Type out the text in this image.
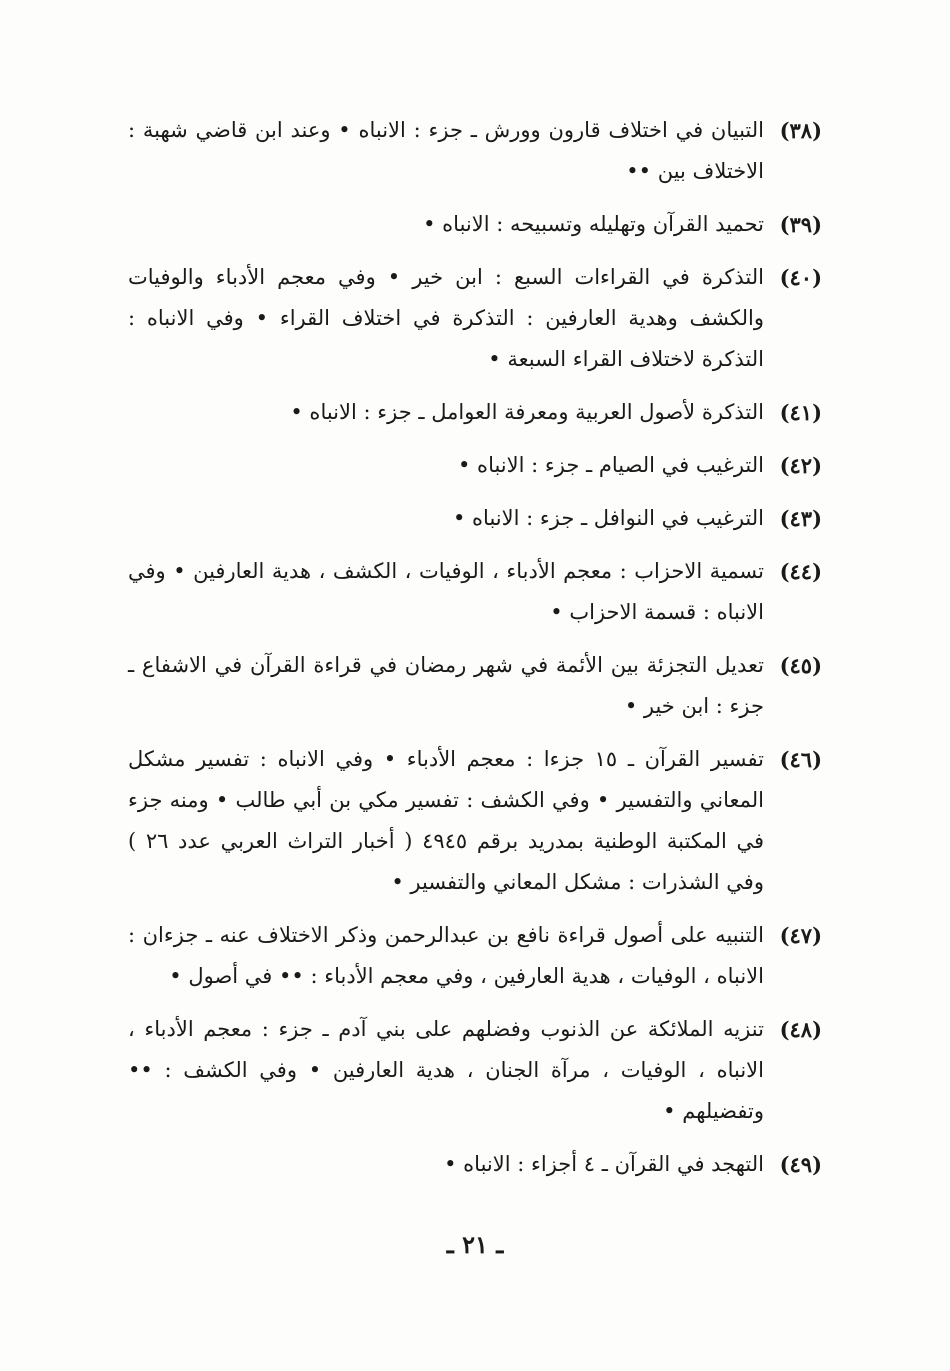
(٣٨)
التبيان في اختلاف قارون وورش ـ جزء : الانباه • وعند ابن قاضي شهبة : الاختلاف بين ••
(٣٩)
تحميد القرآن وتهليله وتسبيحه : الانباه •
(٤٠)
التذكرة في القراءات السبع : ابن خير • وفي معجم الأدباء والوفيات والكشف وهدية العارفين : التذكرة في اختلاف القراء • وفي الانباه : التذكرة لاختلاف القراء السبعة •
(٤١)
التذكرة لأصول العربية ومعرفة العوامل ـ جزء : الانباه •
(٤٢)
الترغيب في الصيام ـ جزء : الانباه •
(٤٣)
الترغيب في النوافل ـ جزء : الانباه •
(٤٤)
تسمية الاحزاب : معجم الأدباء ، الوفيات ، الكشف ، هدية العارفين • وفي الانباه : قسمة الاحزاب •
(٤٥)
تعديل التجزئة بين الأئمة في شهر رمضان في قراءة القرآن في الاشفاع ـ جزء : ابن خير •
(٤٦)
تفسير القرآن ـ ١٥ جزءا : معجم الأدباء • وفي الانباه : تفسير مشكل المعاني والتفسير • وفي الكشف : تفسير مكي بن أبي طالب • ومنه جزء في المكتبة الوطنية بمدريد برقم ٤٩٤٥ ( أخبار التراث العربي عدد ٢٦ ) وفي الشذرات : مشكل المعاني والتفسير •
(٤٧)
التنبيه على أصول قراءة نافع بن عبدالرحمن وذكر الاختلاف عنه ـ جزءان : الانباه ، الوفيات ، هدية العارفين ، وفي معجم الأدباء : •• في أصول •
(٤٨)
تنزيه الملائكة عن الذنوب وفضلهم على بني آدم ـ جزء : معجم الأدباء ، الانباه ، الوفيات ، مرآة الجنان ، هدية العارفين • وفي الكشف : •• وتفضيلهم •
(٤٩)
التهجد في القرآن ـ ٤ أجزاء : الانباه •
ـ ٢١ ـ
